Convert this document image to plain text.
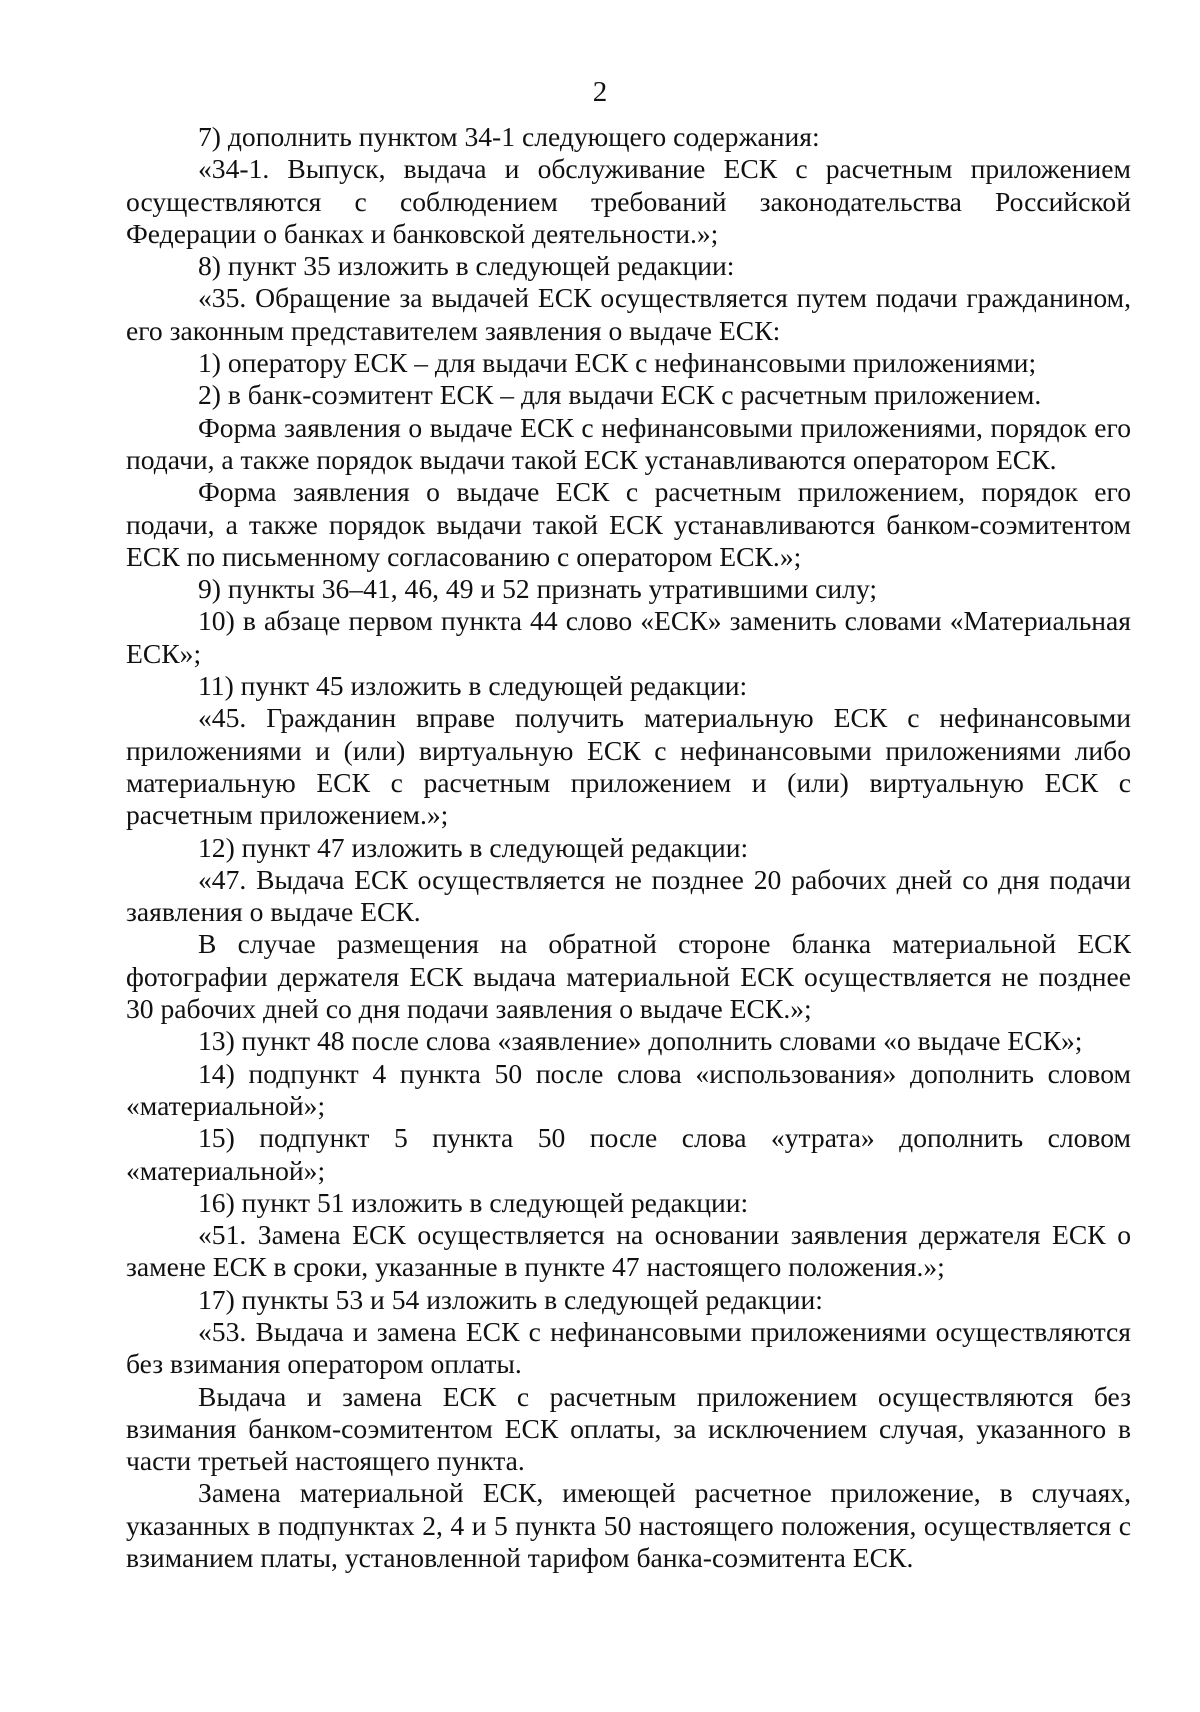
2

7) дополнить пунктом 34-1 следующего содержания:

«34-1. Выпуск, выдача и обслуживание ЕСК с расчетным приложением осуществляются с соблюдением требований законодательства Российской Федерации о банках и банковской деятельности.»;

8) пункт 35 изложить в следующей редакции:

«35. Обращение за выдачей ЕСК осуществляется путем подачи гражданином, его законным представителем заявления о выдаче ЕСК:

1) оператору ЕСК – для выдачи ЕСК с нефинансовыми приложениями;

2) в банк-соэмитент ЕСК – для выдачи ЕСК с расчетным приложением.

Форма заявления о выдаче ЕСК с нефинансовыми приложениями, порядок его подачи, а также порядок выдачи такой ЕСК устанавливаются оператором ЕСК.

Форма заявления о выдаче ЕСК с расчетным приложением, порядок его подачи, а также порядок выдачи такой ЕСК устанавливаются банком-соэмитентом ЕСК по письменному согласованию с оператором ЕСК.»;

9) пункты 36–41, 46, 49 и 52 признать утратившими силу;

10) в абзаце первом пункта 44 слово «ЕСК» заменить словами «Материальная ЕСК»;

11) пункт 45 изложить в следующей редакции:

«45. Гражданин вправе получить материальную ЕСК с нефинансовыми приложениями и (или) виртуальную ЕСК с нефинансовыми приложениями либо материальную ЕСК с расчетным приложением и (или) виртуальную ЕСК с расчетным приложением.»;

12) пункт 47 изложить в следующей редакции:

«47. Выдача ЕСК осуществляется не позднее 20 рабочих дней со дня подачи заявления о выдаче ЕСК.

В случае размещения на обратной стороне бланка материальной ЕСК фотографии держателя ЕСК выдача материальной ЕСК осуществляется не позднее 30 рабочих дней со дня подачи заявления о выдаче ЕСК.»;

13) пункт 48 после слова «заявление» дополнить словами «о выдаче ЕСК»;

14) подпункт 4 пункта 50 после слова «использования» дополнить словом «материальной»;

15) подпункт 5 пункта 50 после слова «утрата» дополнить словом «материальной»;

16) пункт 51 изложить в следующей редакции:

«51. Замена ЕСК осуществляется на основании заявления держателя ЕСК о замене ЕСК в сроки, указанные в пункте 47 настоящего положения.»;

17) пункты 53 и 54 изложить в следующей редакции:

«53. Выдача и замена ЕСК с нефинансовыми приложениями осуществляются без взимания оператором оплаты.

Выдача и замена ЕСК с расчетным приложением осуществляются без взимания банком-соэмитентом ЕСК оплаты, за исключением случая, указанного в части третьей настоящего пункта.

Замена материальной ЕСК, имеющей расчетное приложение, в случаях, указанных в подпунктах 2, 4 и 5 пункта 50 настоящего положения, осуществляется с взиманием платы, установленной тарифом банка-соэмитента ЕСК.
